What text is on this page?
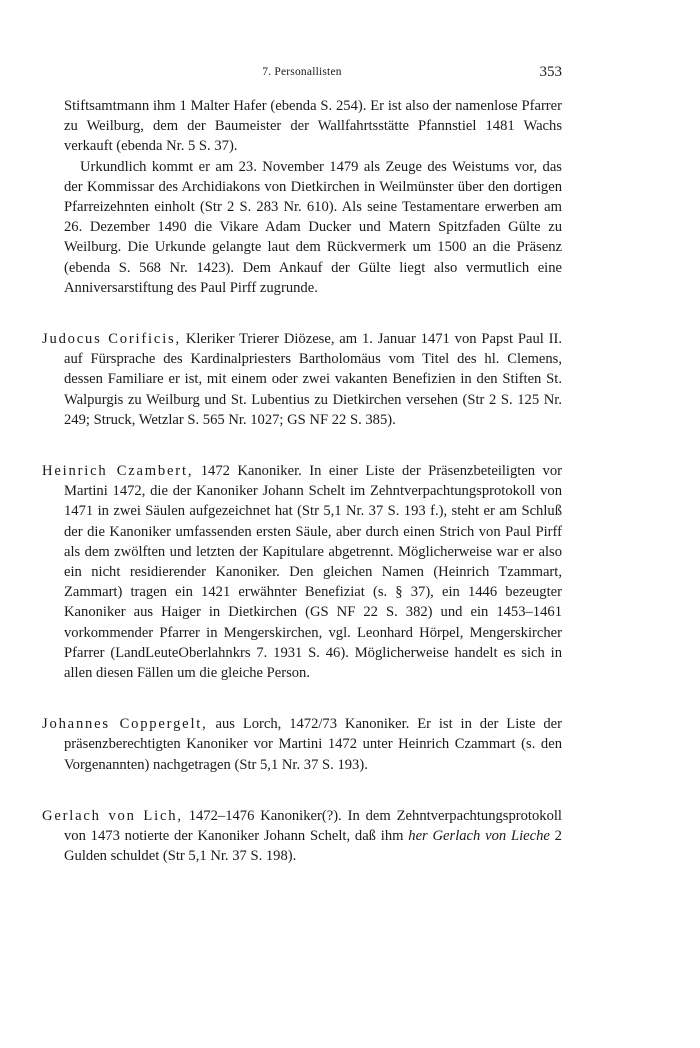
7. Personallisten	353

Stiftsamtmann ihm 1 Malter Hafer (ebenda S. 254). Er ist also der namenlose Pfarrer zu Weilburg, dem der Baumeister der Wallfahrtsstätte Pfannstiel 1481 Wachs verkauft (ebenda Nr. 5 S. 37).

Urkundlich kommt er am 23. November 1479 als Zeuge des Weistums vor, das der Kommissar des Archidiakons von Dietkirchen in Weilmünster über den dortigen Pfarreizehnten einholt (Str 2 S. 283 Nr. 610). Als seine Testamentare erwerben am 26. Dezember 1490 die Vikare Adam Ducker und Matern Spitzfaden Gülte zu Weilburg. Die Urkunde gelangte laut dem Rückvermerk um 1500 an die Präsenz (ebenda S. 568 Nr. 1423). Dem Ankauf der Gülte liegt also vermutlich eine Anniversarstiftung des Paul Pirff zugrunde.

Judocus Corificis, Kleriker Trierer Diözese, am 1. Januar 1471 von Papst Paul II. auf Fürsprache des Kardinalpriesters Bartholomäus vom Titel des hl. Clemens, dessen Familiare er ist, mit einem oder zwei vakanten Benefizien in den Stiften St. Walpurgis zu Weilburg und St. Lubentius zu Dietkirchen versehen (Str 2 S. 125 Nr. 249; Struck, Wetzlar S. 565 Nr. 1027; GS NF 22 S. 385).

Heinrich Czambert, 1472 Kanoniker. In einer Liste der Präsenzbeteiligten vor Martini 1472, die der Kanoniker Johann Schelt im Zehntverpachtungsprotokoll von 1471 in zwei Säulen aufgezeichnet hat (Str 5,1 Nr. 37 S. 193 f.), steht er am Schluß der die Kanoniker umfassenden ersten Säule, aber durch einen Strich von Paul Pirff als dem zwölften und letzten der Kapitulare abgetrennt. Möglicherweise war er also ein nicht residierender Kanoniker. Den gleichen Namen (Heinrich Tzammart, Zammart) tragen ein 1421 erwähnter Benefiziat (s. § 37), ein 1446 bezeugter Kanoniker aus Haiger in Dietkirchen (GS NF 22 S. 382) und ein 1453–1461 vorkommender Pfarrer in Mengerskirchen, vgl. Leonhard Hörpel, Mengerskircher Pfarrer (LandLeuteOberlahnkrs 7. 1931 S. 46). Möglicherweise handelt es sich in allen diesen Fällen um die gleiche Person.

Johannes Coppergelt, aus Lorch, 1472/73 Kanoniker. Er ist in der Liste der präsenzberechtigten Kanoniker vor Martini 1472 unter Heinrich Czammart (s. den Vorgenannten) nachgetragen (Str 5,1 Nr. 37 S. 193).

Gerlach von Lich, 1472–1476 Kanoniker(?). In dem Zehntverpachtungsprotokoll von 1473 notierte der Kanoniker Johann Schelt, daß ihm her Gerlach von Lieche 2 Gulden schuldet (Str 5,1 Nr. 37 S. 198).
